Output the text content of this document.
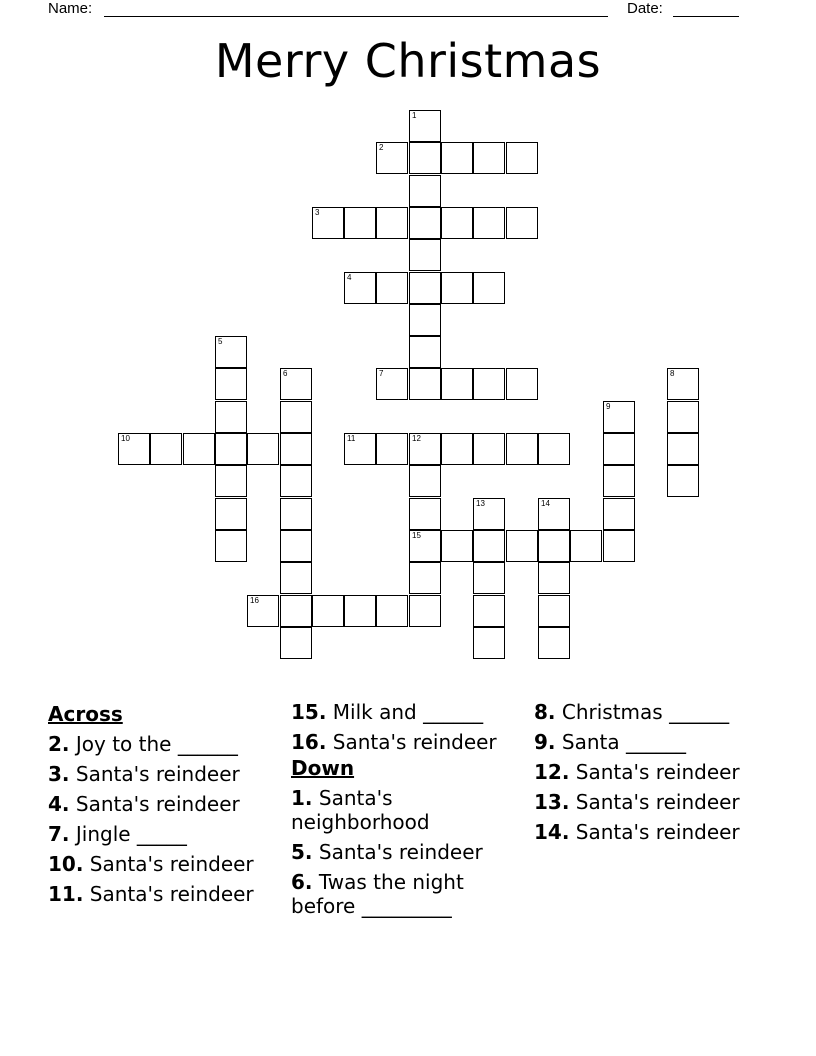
Name:	Date:
Merry Christmas
1
2
3
4
5
6	7	8
9
10	11	12
13	14
15
16
Across
2. Joy to the ______
3. Santa's reindeer
4. Santa's reindeer
7. Jingle _____
10. Santa's reindeer
11. Santa's reindeer
15. Milk and ______
16. Santa's reindeer
Down
1. Santa's neighborhood
5. Santa's reindeer
6. Twas the night before _________
8. Christmas ______
9. Santa ______
12. Santa's reindeer
13. Santa's reindeer
14. Santa's reindeer
